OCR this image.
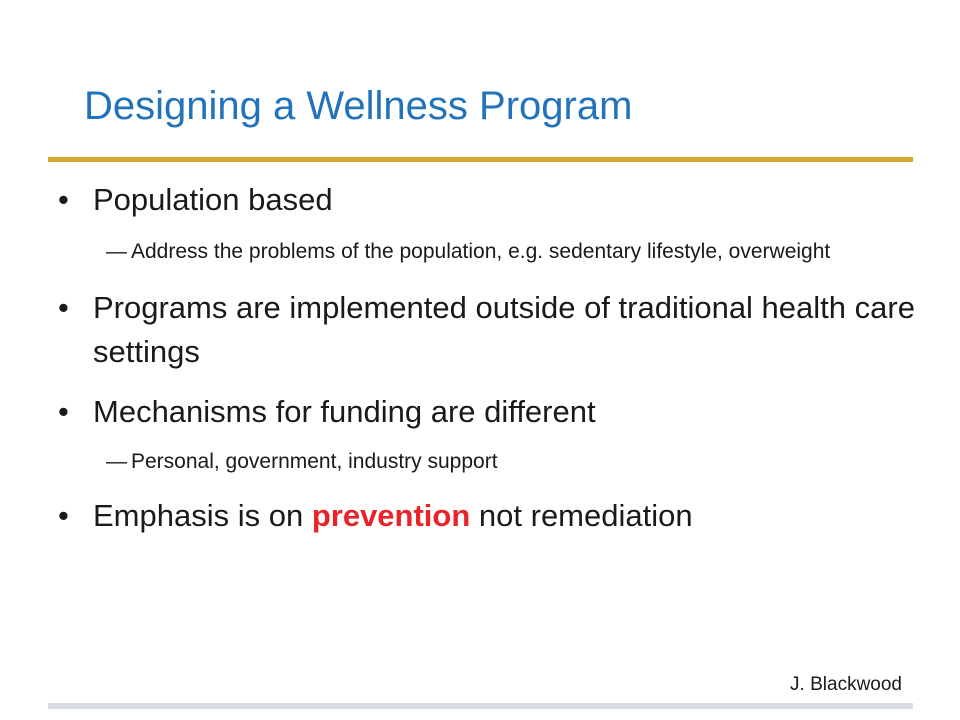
Designing a Wellness Program
• Population based
― Address the problems of the population, e.g. sedentary lifestyle, overweight
• Programs are implemented outside of traditional health care settings
• Mechanisms for funding are different
― Personal, government, industry support
• Emphasis is on prevention not remediation
J. Blackwood
